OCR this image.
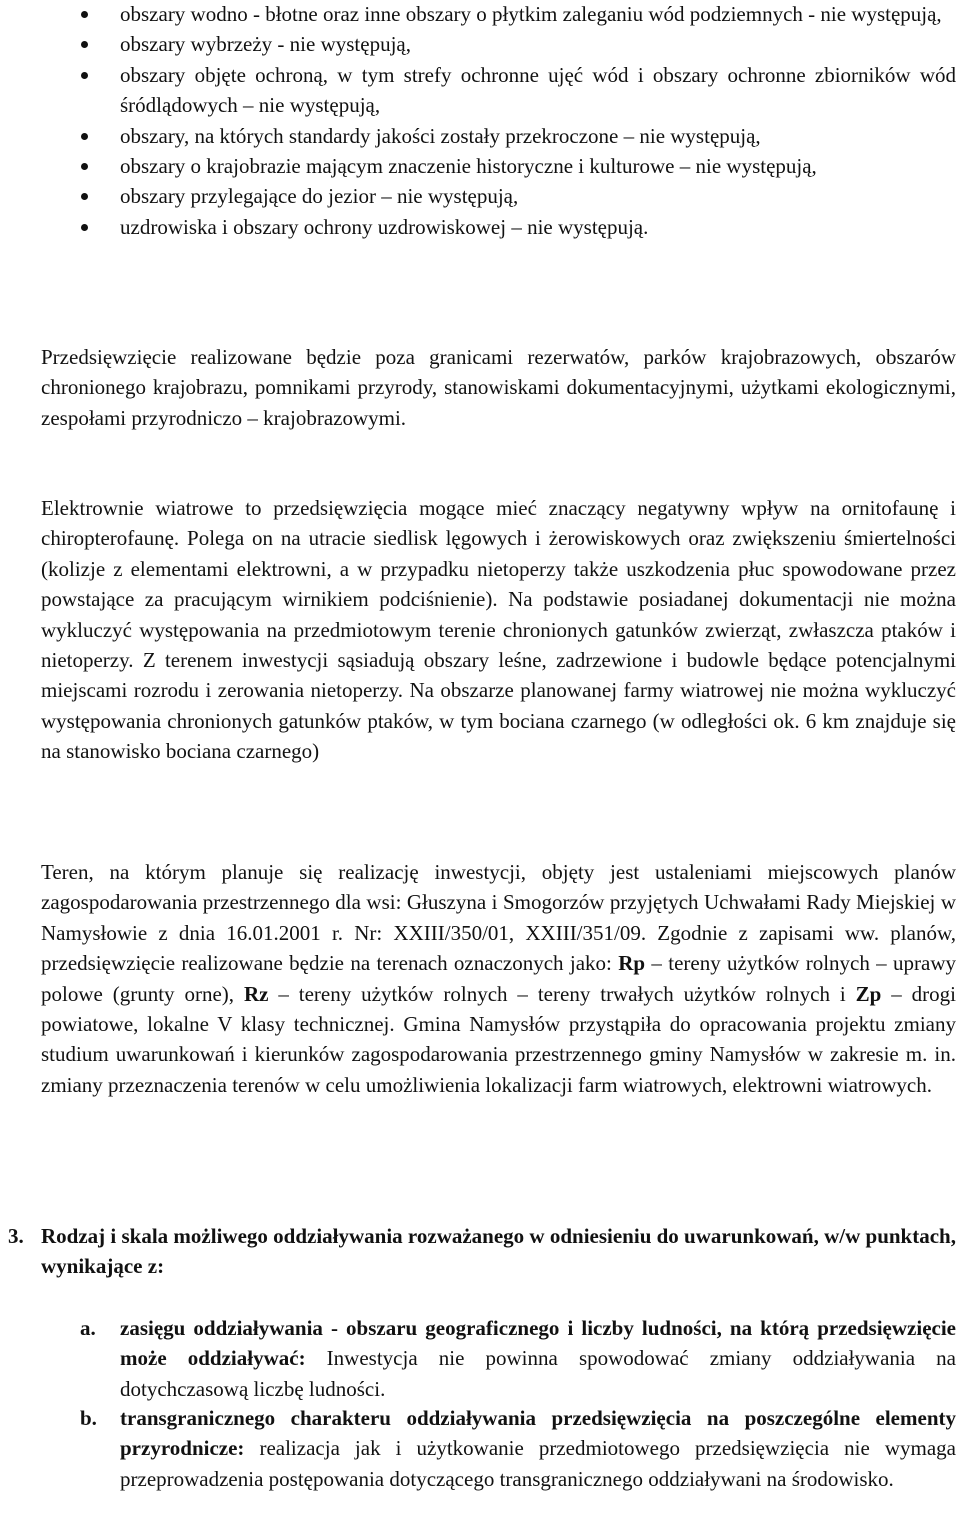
obszary wodno - błotne oraz inne obszary o płytkim zaleganiu wód podziemnych - nie występują,
obszary wybrzeży - nie występują,
obszary objęte ochroną, w tym strefy ochronne ujęć wód i obszary ochronne zbiorników wód śródlądowych – nie występują,
obszary, na których standardy jakości zostały przekroczone – nie występują,
obszary o krajobrazie mającym znaczenie historyczne i kulturowe – nie występują,
obszary przylegające do jezior – nie występują,
uzdrowiska i obszary ochrony uzdrowiskowej – nie występują.

Przedsięwzięcie realizowane będzie poza granicami rezerwatów, parków krajobrazowych, obszarów chronionego krajobrazu, pomnikami przyrody, stanowiskami dokumentacyjnymi, użytkami ekologicznymi, zespołami przyrodniczo – krajobrazowymi.

Elektrownie wiatrowe to przedsięwzięcia mogące mieć znaczący negatywny wpływ na ornitofaunę i chiropterofaunę. Polega on na utracie siedlisk lęgowych i żerowiskowych oraz zwiększeniu śmiertelności (kolizje z elementami elektrowni, a w przypadku nietoperzy także uszkodzenia płuc spowodowane przez powstające za pracującym wirnikiem podciśnienie). Na podstawie posiadanej dokumentacji nie można wykluczyć występowania na przedmiotowym terenie chronionych gatunków zwierząt, zwłaszcza ptaków i nietoperzy. Z terenem inwestycji sąsiadują obszary leśne, zadrzewione i budowle będące potencjalnymi miejscami rozrodu i zerowania nietoperzy. Na obszarze planowanej farmy wiatrowej nie można wykluczyć występowania chronionych gatunków ptaków, w tym bociana czarnego (w odległości ok. 6 km znajduje się na stanowisko bociana czarnego)

Teren, na którym planuje się realizację inwestycji, objęty jest ustaleniami miejscowych planów zagospodarowania przestrzennego dla wsi: Głuszyna i Smogorzów przyjętych Uchwałami Rady Miejskiej w Namysłowie z dnia 16.01.2001 r. Nr: XXIII/350/01, XXIII/351/09. Zgodnie z zapisami ww. planów, przedsięwzięcie realizowane będzie na terenach oznaczonych jako: Rp – tereny użytków rolnych – uprawy polowe (grunty orne), Rz – tereny użytków rolnych – tereny trwałych użytków rolnych i Zp – drogi powiatowe, lokalne V klasy technicznej. Gmina Namysłów przystąpiła do opracowania projektu zmiany studium uwarunkowań i kierunków zagospodarowania przestrzennego gminy Namysłów w zakresie m. in. zmiany przeznaczenia terenów w celu umożliwienia lokalizacji farm wiatrowych, elektrowni wiatrowych.

3. Rodzaj i skala możliwego oddziaływania rozważanego w odniesieniu do uwarunkowań, w/w punktach, wynikające z:
a. zasięgu oddziaływania - obszaru geograficznego i liczby ludności, na którą przedsięwzięcie może oddziaływać: Inwestycja nie powinna spowodować zmiany oddziaływania na dotychczasową liczbę ludności.
b. transgranicznego charakteru oddziaływania przedsięwzięcia na poszczególne elementy przyrodnicze: realizacja jak i użytkowanie przedmiotowego przedsięwzięcia nie wymaga przeprowadzenia postępowania dotyczącego transgranicznego oddziaływani na środowisko.
